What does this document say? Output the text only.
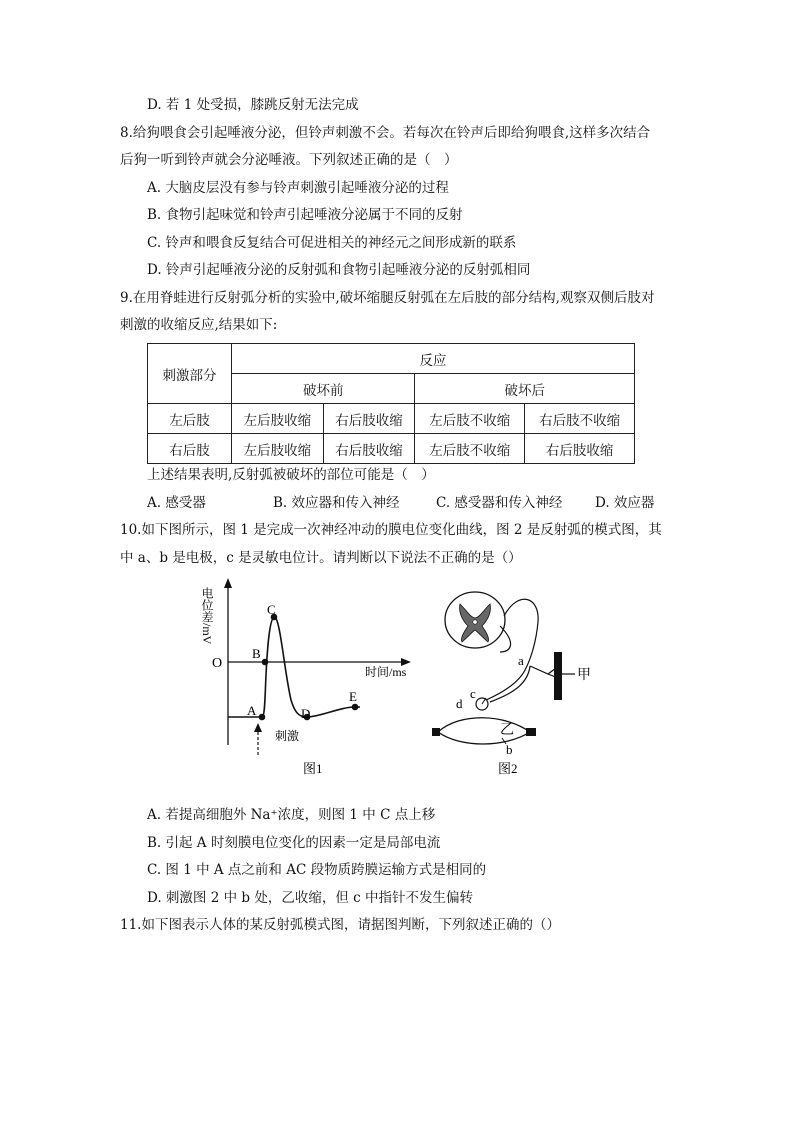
D. 若 1 处受损，膝跳反射无法完成
8.给狗喂食会引起唾液分泌，但铃声刺激不会。若每次在铃声后即给狗喂食,这样多次结合
后狗一听到铃声就会分泌唾液。下列叙述正确的是（　）
A. 大脑皮层没有参与铃声刺激引起唾液分泌的过程
B. 食物引起味觉和铃声引起唾液分泌属于不同的反射
C. 铃声和喂食反复结合可促进相关的神经元之间形成新的联系
D. 铃声引起唾液分泌的反射弧和食物引起唾液分泌的反射弧相同
9.在用脊蛙进行反射弧分析的实验中,破坏缩腿反射弧在左后肢的部分结构,观察双侧后肢对
刺激的收缩反应,结果如下:
刺激部分	反应			
	破坏前		破坏后	
左后肢	左后肢收缩	右后肢收缩	左后肢不收缩	右后肢不收缩
右后肢	左后肢收缩	右后肢收缩	左后肢不收缩	右后肢收缩
上述结果表明,反射弧被破坏的部位可能是（　）
A. 感受器	B. 效应器和传入神经	C. 感受器和传入神经 D. 效应器
10.如下图所示，图 1 是完成一次神经冲动的膜电位变化曲线，图 2 是反射弧的模式图，其
中 a、b 是电极，c 是灵敏电位计。请判断以下说法不正确的是（）
电位差/mV
时间/ms
O
A
B
C
D
E
刺激
图1
甲
a
c
d
乙
b
图2
A. 若提高细胞外 Na⁺浓度，则图 1 中 C 点上移
B. 引起 A 时刻膜电位变化的因素一定是局部电流
C. 图 1 中 A 点之前和 AC 段物质跨膜运输方式是相同的
D. 刺激图 2 中 b 处，乙收缩，但 c 中指针不发生偏转
11.如下图表示人体的某反射弧模式图，请据图判断，下列叙述正确的（）
